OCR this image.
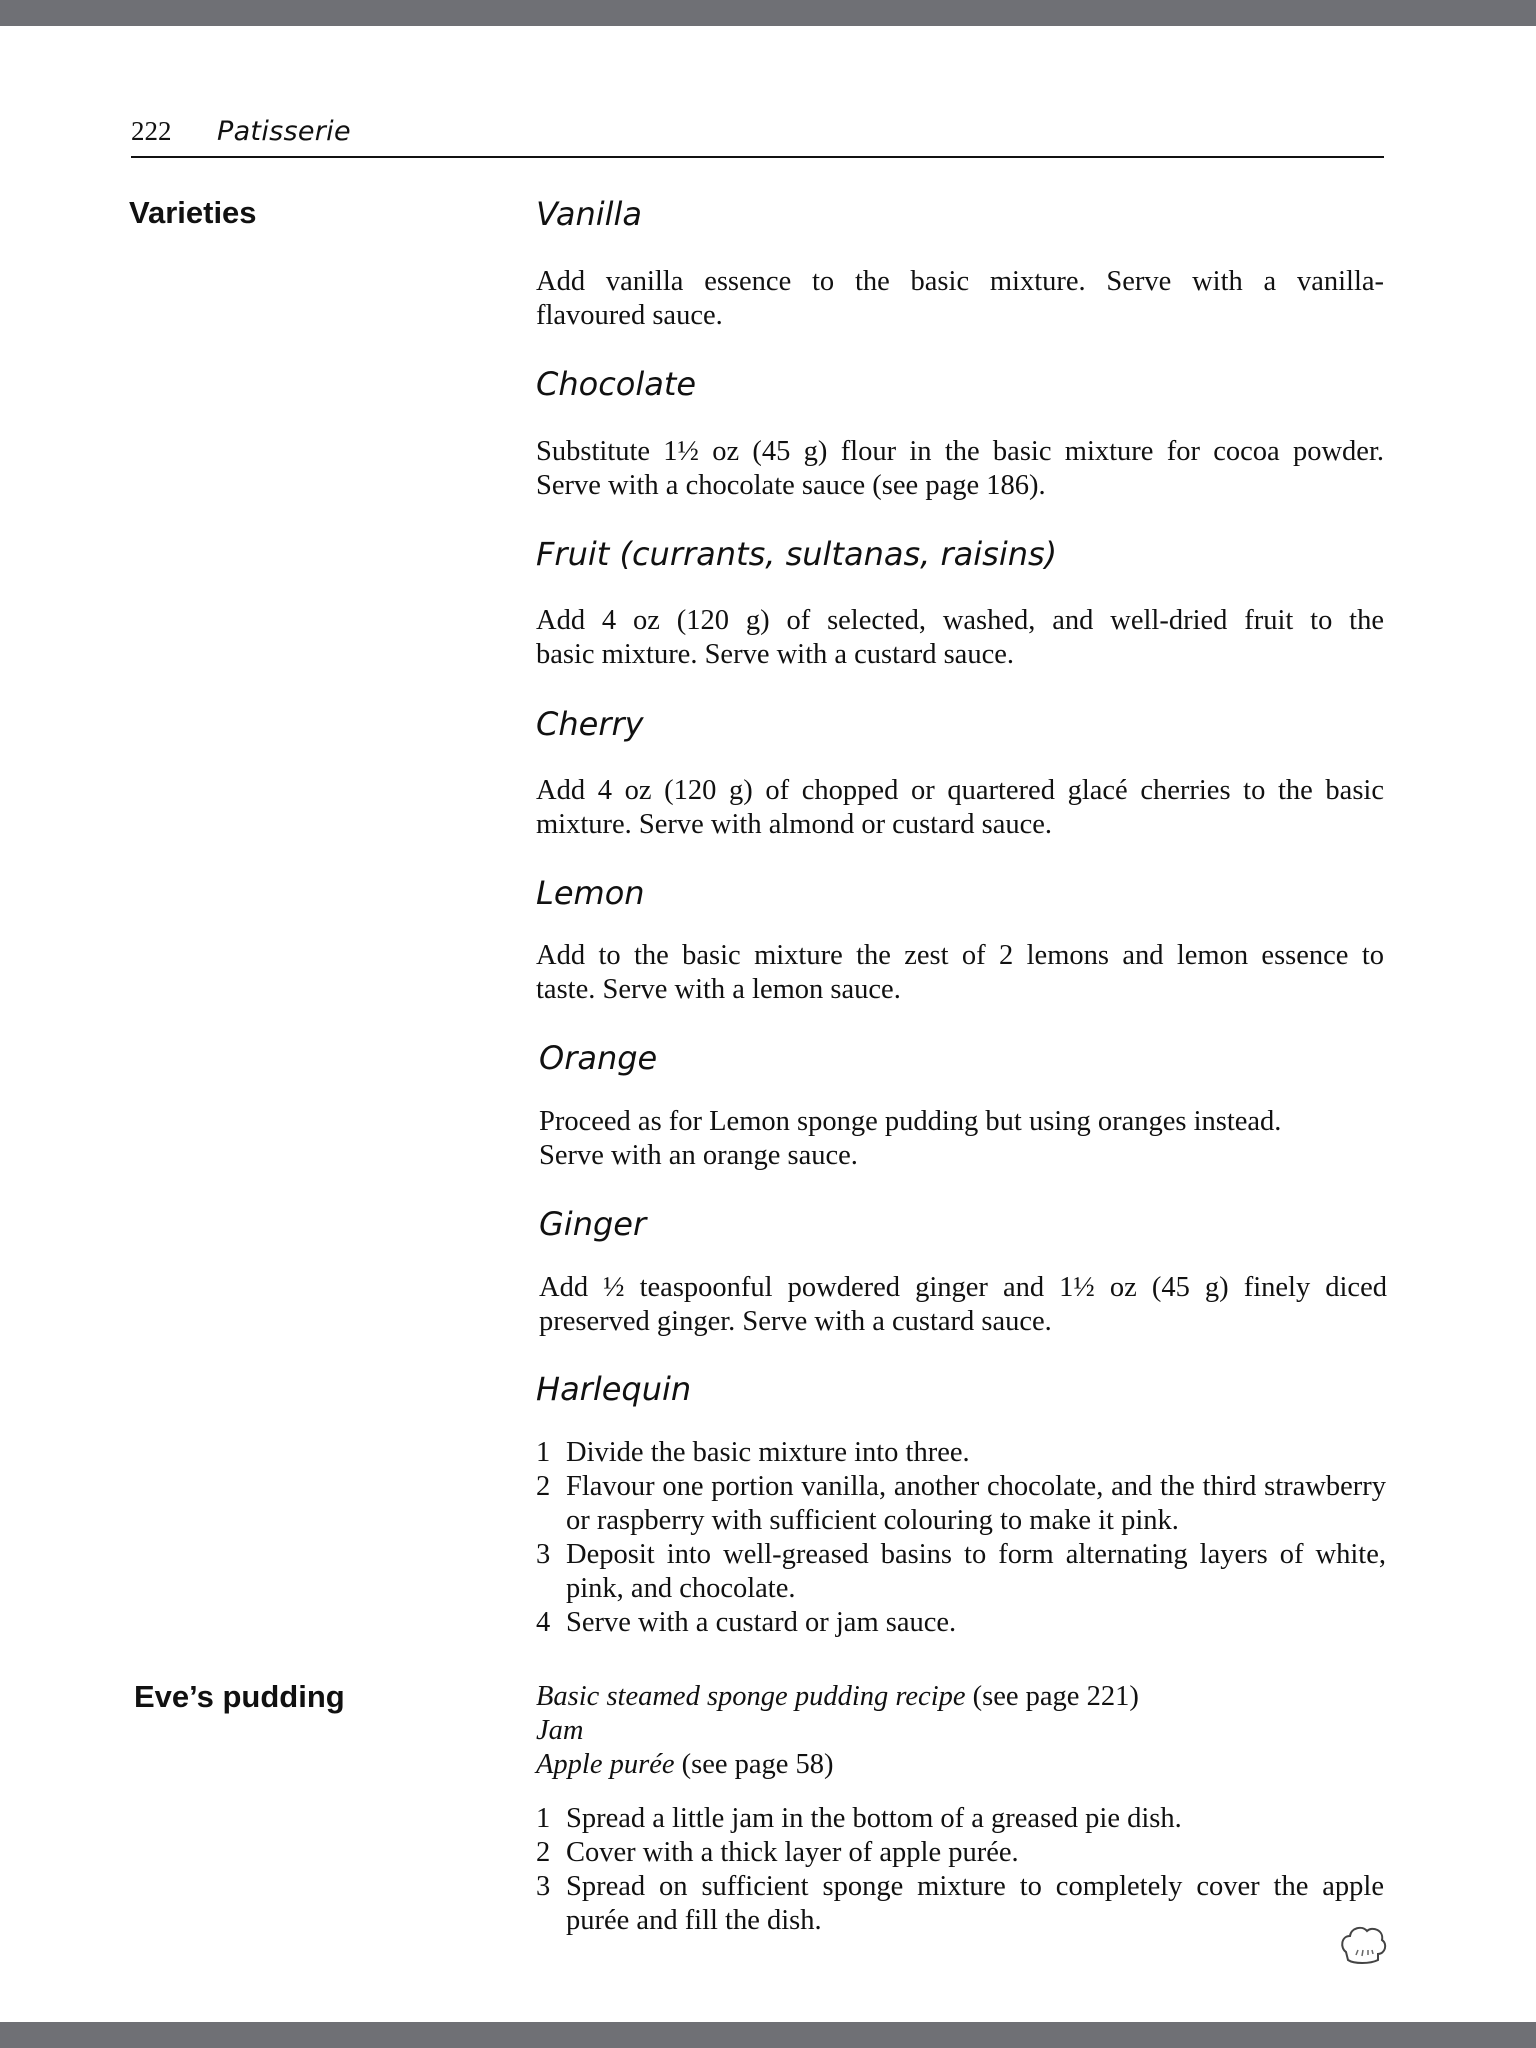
222 Patisserie
Varieties	Vanilla
Add vanilla essence to the basic mixture. Serve with a vanilla-
flavoured sauce.
Chocolate
Substitute 1½ oz (45 g) flour in the basic mixture for cocoa powder.
Serve with a chocolate sauce (see page 186).
Fruit (currants, sultanas, raisins)
Add 4 oz (120 g) of selected, washed, and well-dried fruit to the
basic mixture. Serve with a custard sauce.
Cherry
Add 4 oz (120 g) of chopped or quartered glacé cherries to the basic
mixture. Serve with almond or custard sauce.
Lemon
Add to the basic mixture the zest of 2 lemons and lemon essence to
taste. Serve with a lemon sauce.
Orange
Proceed as for Lemon sponge pudding but using oranges instead.
Serve with an orange sauce.
Ginger
Add ½ teaspoonful powdered ginger and 1½ oz (45 g) finely diced
preserved ginger. Serve with a custard sauce.
Harlequin
1 Divide the basic mixture into three.
2 Flavour one portion vanilla, another chocolate, and the third strawberry or raspberry with sufficient colouring to make it pink.
3 Deposit into well-greased basins to form alternating layers of white, pink, and chocolate.
4 Serve with a custard or jam sauce.
Eve’s pudding	Basic steamed sponge pudding recipe (see page 221)
Jam
Apple purée (see page 58)
1 Spread a little jam in the bottom of a greased pie dish.
2 Cover with a thick layer of apple purée.
3 Spread on sufficient sponge mixture to completely cover the apple purée and fill the dish.
